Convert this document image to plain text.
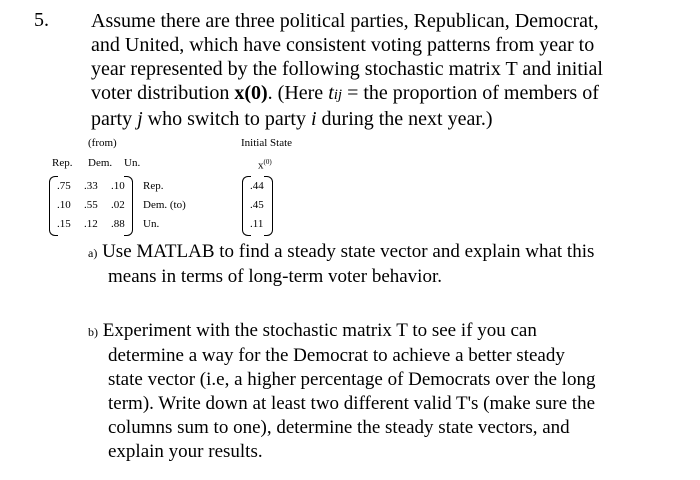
5. Assume there are three political parties, Republican, Democrat,

and United, which have consistent voting patterns from year to

year represented by the following stochastic matrix T and initial

voter distribution x(0). (Here tij = the proportion of members of

party j who switch to party i during the next year.)

(from)	Initial State
$x^{(0)}$
Rep. Dem. Un.
.75 .33 .10
.10 .55 .02
.15 .12 .88
Rep.
Dem. (to)
Un.
.44
.45
.11

a) Use MATLAB to find a steady state vector and explain what this

means in terms of long-term voter behavior.

b) Experiment with the stochastic matrix T to see if you can

determine a way for the Democrat to achieve a better steady

state vector (i.e, a higher percentage of Democrats over the long

term). Write down at least two different valid T's (make sure the

columns sum to one), determine the steady state vectors, and

explain your results.
